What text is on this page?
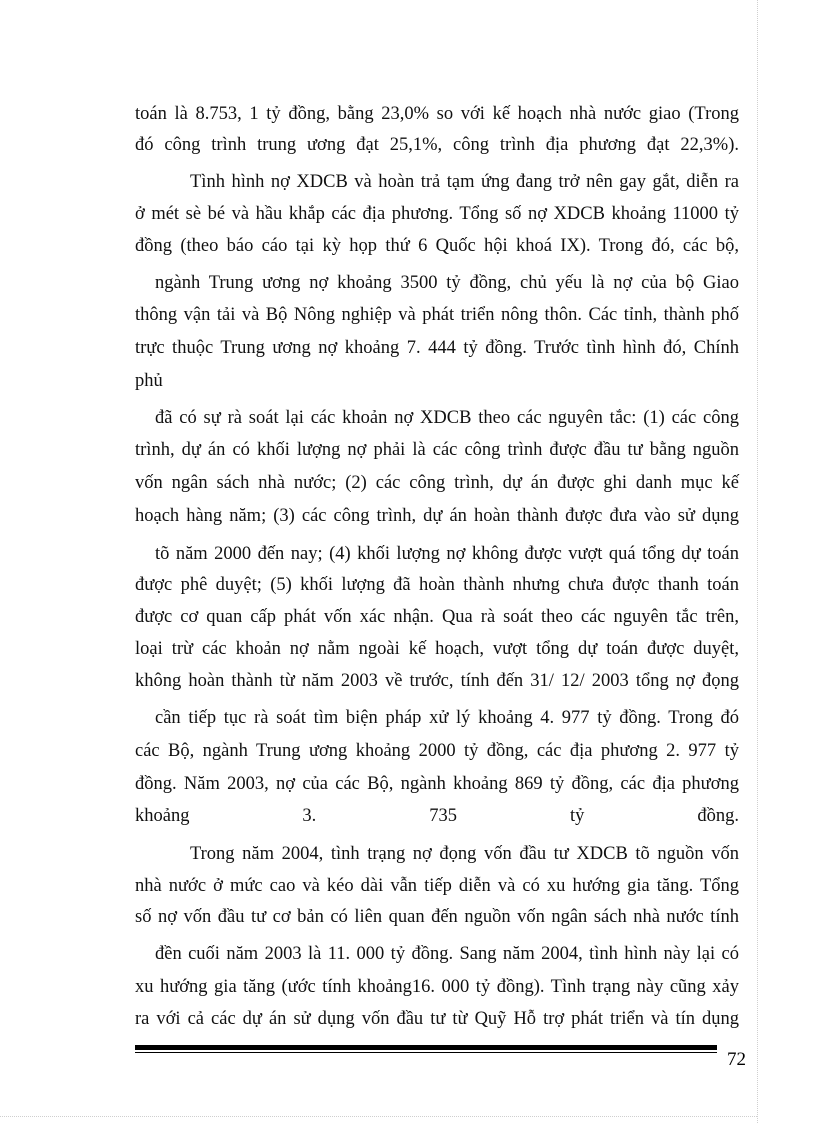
toán là 8.753, 1 tỷ đồng, bằng 23,0% so với kế hoạch nhà nước giao (Trong
đó công trình trung ương đạt 25,1%, công trình địa phương đạt 22,3%).
Tình hình nợ XDCB và hoàn trả tạm ứng đang trở nên gay gắt, diễn ra
ở mét sè bé và hầu khắp các địa phương. Tổng số nợ XDCB khoảng 11000 tỷ
đồng (theo báo cáo tại kỳ họp thứ 6 Quốc hội khoá IX). Trong đó, các bộ,
ngành Trung ương nợ khoảng 3500 tỷ đồng, chủ yếu là nợ của bộ Giao
thông vận tải và Bộ Nông nghiệp và phát triển nông thôn. Các tỉnh, thành phố
trực thuộc Trung ương nợ khoảng 7. 444 tỷ đồng. Trước tình hình đó, Chính
phủ
đã có sự rà soát lại các khoản nợ XDCB theo các nguyên tắc: (1) các công
trình, dự án có khối lượng nợ phải là các công trình được đầu tư bằng nguồn
vốn ngân sách nhà nước; (2) các công trình, dự án được ghi danh mục kế
hoạch hàng năm; (3) các công trình, dự án hoàn thành được đưa vào sử dụng
tõ năm 2000 đến nay; (4) khối lượng nợ không được vượt quá tổng dự toán
được phê duyệt; (5) khối lượng đã hoàn thành nhưng chưa được thanh toán
được cơ quan cấp phát vốn xác nhận. Qua rà soát theo các nguyên tắc trên,
loại trừ các khoản nợ nằm ngoài kế hoạch, vượt tổng dự toán được duyệt,
không hoàn thành từ năm 2003 về trước, tính đến 31/ 12/ 2003 tổng nợ đọng
cần tiếp tục rà soát tìm biện pháp xử lý khoảng 4. 977 tỷ đồng. Trong đó
các Bộ, ngành Trung ương khoảng 2000 tỷ đồng, các địa phương 2. 977 tỷ
đồng. Năm 2003, nợ của các Bộ, ngành khoảng 869 tỷ đồng, các địa phương
khoảng 3. 735 tỷ đồng.
Trong năm 2004, tình trạng nợ đọng vốn đầu tư XDCB tõ nguồn vốn
nhà nước ở mức cao và kéo dài vẫn tiếp diễn và có xu hướng gia tăng. Tổng
số nợ vốn đầu tư cơ bản có liên quan đến nguồn vốn ngân sách nhà nước tính
đền cuối năm 2003 là 11. 000 tỷ đồng. Sang năm 2004, tình hình này lại có
xu hướng gia tăng (ước tính khoảng16. 000 tỷ đồng). Tình trạng này cũng xảy
ra với cả các dự án sử dụng vốn đầu tư từ Quỹ Hỗ trợ phát triển và tín dụng
72
